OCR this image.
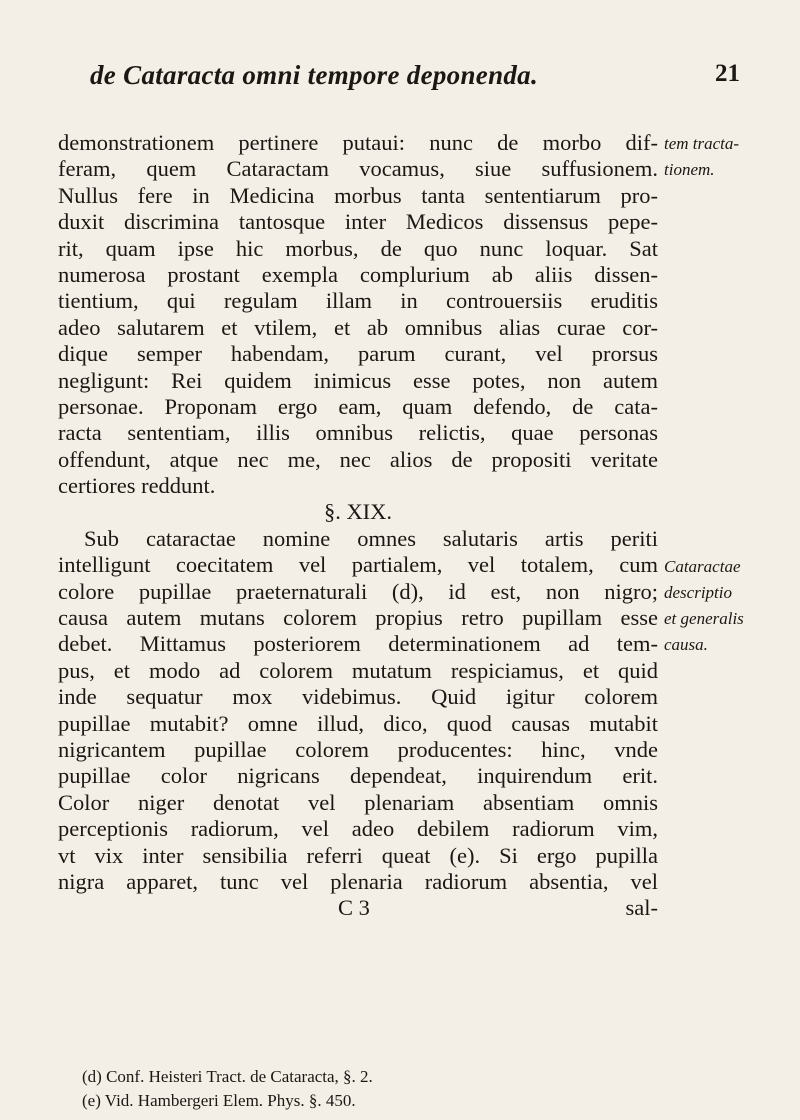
de Cataracta omni tempore deponenda.	21
demonstrationem pertinere putaui: nunc de morbo dif-
feram, quem Cataractam vocamus, siue suffusionem.
Nullus fere in Medicina morbus tanta sententiarum pro-
duxit discrimina tantosque inter Medicos dissensus pepe-
rit, quam ipse hic morbus, de quo nunc loquar. Sat
numerosa prostant exempla complurium ab aliis dissen-
tientium, qui regulam illam in controuersiis eruditis
adeo salutarem et vtilem, et ab omnibus alias curae cor-
dique semper habendam, parum curant, vel prorsus
negligunt: Rei quidem inimicus esse potes, non autem
personae. Proponam ergo eam, quam defendo, de cata-
racta sententiam, illis omnibus relictis, quae personas
offendunt, atque nec me, nec alios de propositi veritate
certiores reddunt.
§. XIX.
Sub cataractae nomine omnes salutaris artis periti
intelligunt coecitatem vel partialem, vel totalem, cum
colore pupillae praeternaturali (d), id est, non nigro;
causa autem mutans colorem propius retro pupillam esse
debet. Mittamus posteriorem determinationem ad tem-
pus, et modo ad colorem mutatum respiciamus, et quid
inde sequatur mox videbimus. Quid igitur colorem
pupillae mutabit? omne illud, dico, quod causas mutabit
nigricantem pupillae colorem producentes: hinc, vnde
pupillae color nigricans dependeat, inquirendum erit.
Color niger denotat vel plenariam absentiam omnis
perceptionis radiorum, vel adeo debilem radiorum vim,
vt vix inter sensibilia referri queat (e). Si ergo pupilla
nigra apparet, tunc vel plenaria radiorum absentia, vel
C 3	sal-
tem tracta-
tionem.
Cataractae
descriptio
et generalis
causa.
(d) Conf. Heisteri Tract. de Cataracta, §. 2.
(e) Vid. Hambergeri Elem. Phys. §. 450.
